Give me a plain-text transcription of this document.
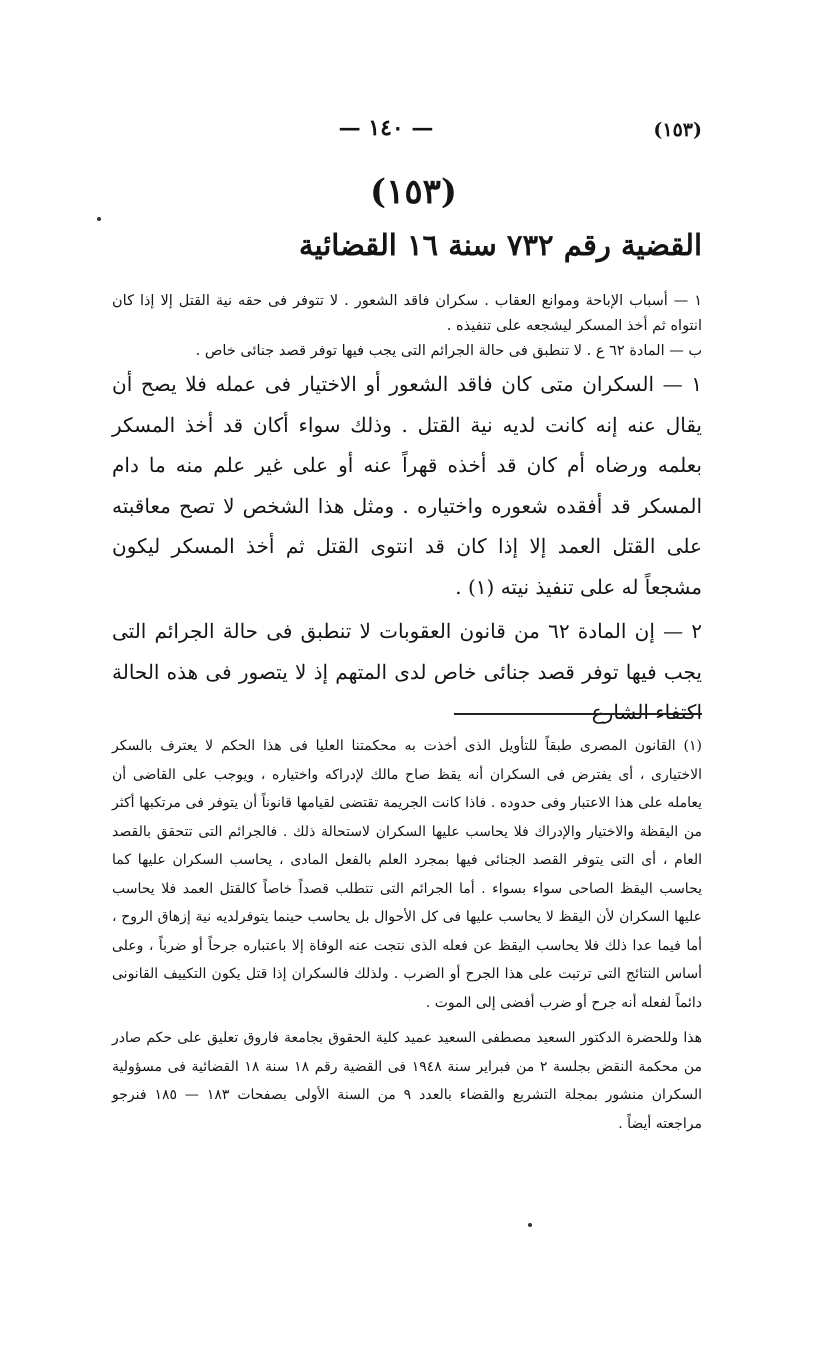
(١٥٣)
— ١٤٠ —
(١٥٣)
القضية رقم ٧٣٢ سنة ١٦ القضائية

١ — أسباب الإباحة وموانع العقاب . سكران فاقد الشعور . لا تتوفر فى حقه نية القتل إلا إذا كان انتواه ثم أخذ المسكر ليشجعه على تنفيذه .

ب — المادة ٦٢ ع . لا تنطبق فى حالة الجرائم التى يجب فيها توفر قصد جنائى خاص .

١ — السكران متى كان فاقد الشعور أو الاختيار فى عمله فلا يصح أن يقال عنه إنه كانت لديه نية القتل . وذلك سواء أكان قد أخذ المسكر بعلمه ورضاه أم كان قد أخذه قهراً عنه أو على غير علم منه ما دام المسكر قد أفقده شعوره واختياره . ومثل هذا الشخص لا تصح معاقبته على القتل العمد إلا إذا كان قد انتوى القتل ثم أخذ المسكر ليكون مشجعاً له على تنفيذ نيته (١) .

٢ — إن المادة ٦٢ من قانون العقوبات لا تنطبق فى حالة الجرائم التى يجب فيها توفر قصد جنائى خاص لدى المتهم إذ لا يتصور فى هذه الحالة اكتفاء الشارع

(١) القانون المصرى طبقاً للتأويل الذى أخذت به محكمتنا العليا فى هذا الحكم لا يعترف بالسكر الاختيارى ، أى يفترض فى السكران أنه يقظ صاح مالك لإدراكه واختياره ، ويوجب على القاضى أن يعامله على هذا الاعتبار وفى حدوده . فاذا كانت الجريمة تقتضى لقيامها قانوناً أن يتوفر فى مرتكبها أكثر من اليقظة والاختيار والإدراك فلا يحاسب عليها السكران لاستحالة ذلك . فالجرائم التى تتحقق بالقصد العام ، أى التى يتوفر القصد الجنائى فيها بمجرد العلم بالفعل المادى ، يحاسب السكران عليها كما يحاسب اليقظ الصاحى سواء بسواء . أما الجرائم التى تتطلب قصداً خاصاً كالقتل العمد فلا يحاسب عليها السكران لأن اليقظ لا يحاسب عليها فى كل الأحوال بل يحاسب حينما يتوفرلديه نية إزهاق الروح ، أما فيما عدا ذلك فلا يحاسب اليقظ عن فعله الذى نتجت عنه الوفاة إلا باعتباره جرحاً أو ضرباً ، وعلى أساس النتائج التى ترتبت على هذا الجرح أو الضرب . ولذلك فالسكران إذا قتل يكون التكييف القانونى دائماً لفعله أنه جرح أو ضرب أفضى إلى الموت .

هذا وللحضرة الدكتور السعيد مصطفى السعيد عميد كلية الحقوق بجامعة فاروق تعليق على حكم صادر من محكمة النقض بجلسة ٢ من فبراير سنة ١٩٤٨ فى القضية رقم ١٨ سنة ١٨ القضائية فى مسؤولية السكران منشور بمجلة التشريع والقضاء بالعدد ٩ من السنة الأولى بصفحات ١٨٣ — ١٨٥ فنرجو مراجعته أيضاً .
